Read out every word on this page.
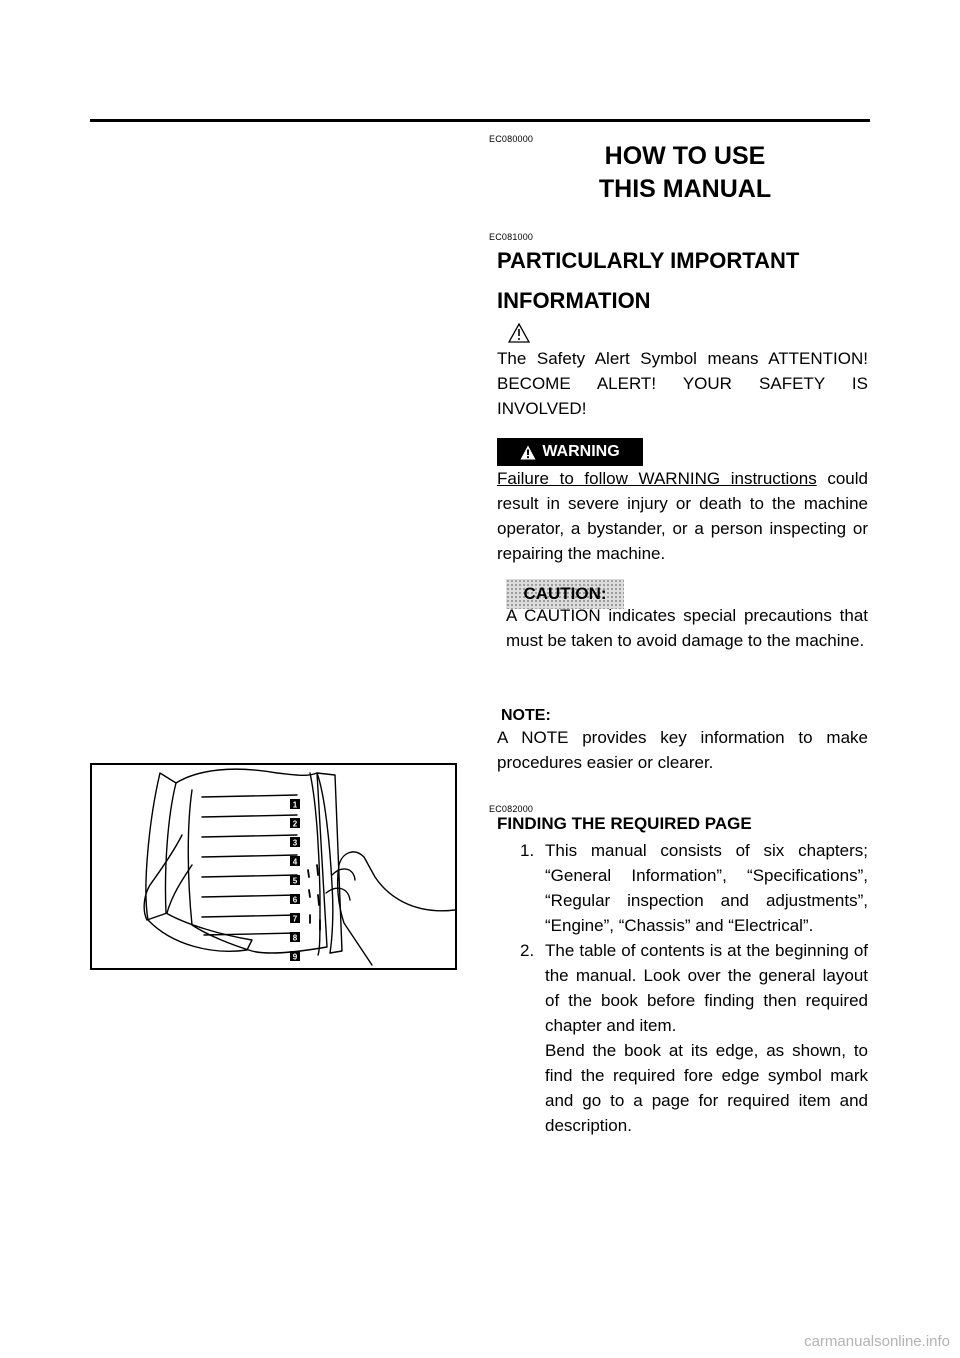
EC080000
HOW TO USE
THIS MANUAL
EC081000
PARTICULARLY IMPORTANT
INFORMATION
The Safety Alert Symbol means ATTENTION! BECOME ALERT! YOUR SAFETY IS INVOLVED!
WARNING
Failure to follow WARNING instructions could result in severe injury or death to the machine operator, a bystander, or a person inspecting or repairing the machine.
CAUTION:
A CAUTION indicates special precautions that must be taken to avoid damage to the machine.
NOTE:
A NOTE provides key information to make procedures easier or clearer.
EC082000
FINDING THE REQUIRED PAGE
1. This manual consists of six chapters; “General Information”, “Specifications”, “Regular inspection and adjustments”, “Engine”, “Chassis” and “Electrical”.

2. The table of contents is at the beginning of the manual. Look over the general layout of the book before finding then required chapter and item.

Bend the book at its edge, as shown, to find the required fore edge symbol mark and go to a page for required item and description.

1
2
3
4
5
6
7
8
9
carmanualsonline.info
